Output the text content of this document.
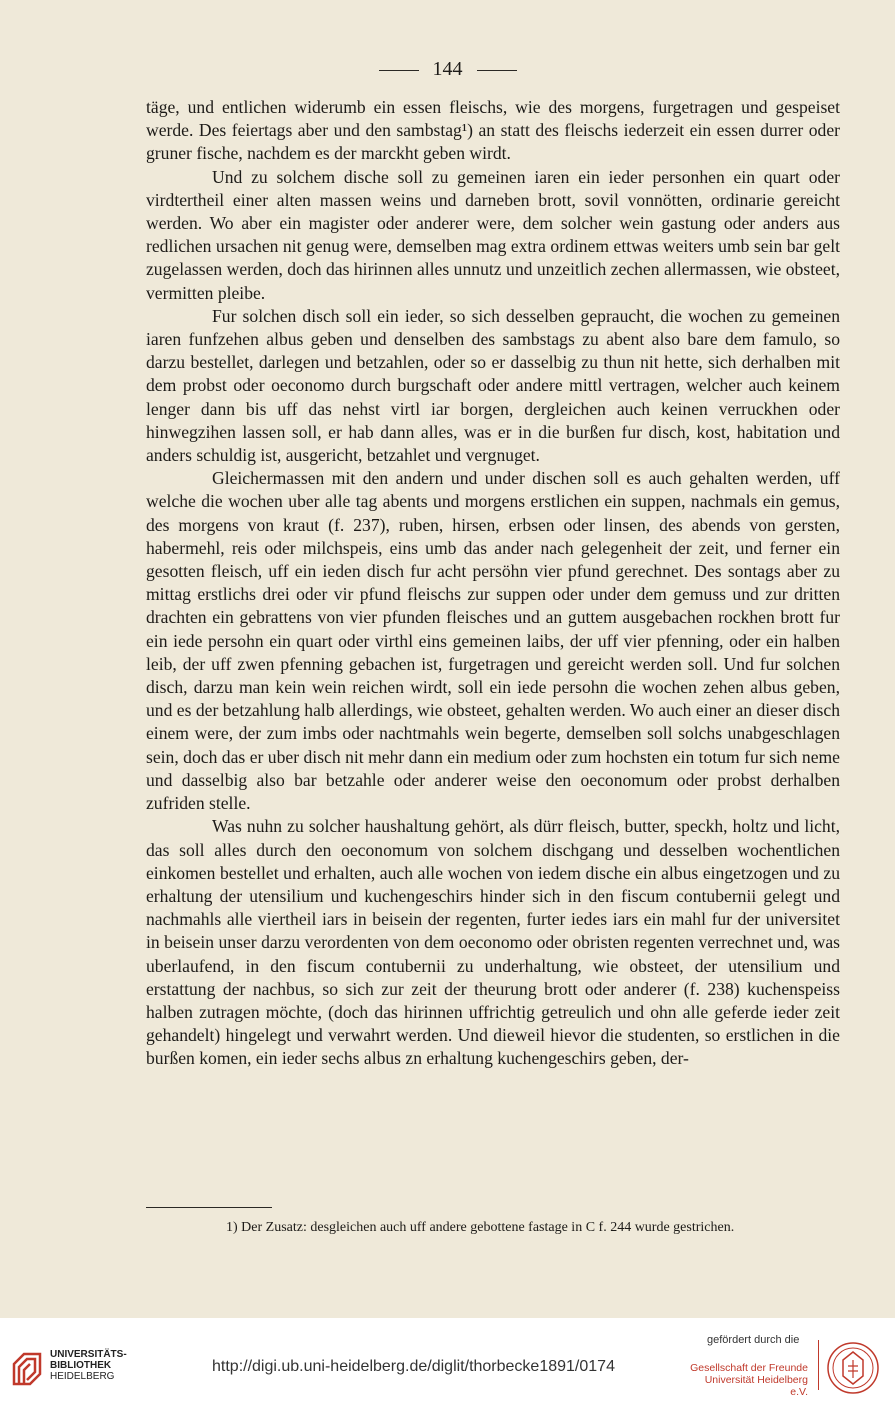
144

täge, und entlichen widerumb ein essen fleischs, wie des morgens, furgetragen und gespeiset werde. Des feiertags aber und den sambstag¹) an statt des fleischs iederzeit ein essen durrer oder gruner fische, nachdem es der marckht geben wirdt.

Und zu solchem dische soll zu gemeinen iaren ein ieder personhen ein quart oder virdtertheil einer alten massen weins und darneben brott, sovil vonnötten, ordinarie gereicht werden. Wo aber ein magister oder anderer were, dem solcher wein gastung oder anders aus redlichen ursachen nit genug were, demselben mag extra ordinem ettwas weiters umb sein bar gelt zugelassen werden, doch das hirinnen alles unnutz und unzeitlich zechen allermassen, wie obsteet, vermitten pleibe.

Fur solchen disch soll ein ieder, so sich desselben gepraucht, die wochen zu gemeinen iaren funfzehen albus geben und denselben des sambstags zu abent also bare dem famulo, so darzu bestellet, darlegen und betzahlen, oder so er dasselbig zu thun nit hette, sich derhalben mit dem probst oder oeconomo durch burgschaft oder andere mittl vertragen, welcher auch keinem lenger dann bis uff das nehst virtl iar borgen, dergleichen auch keinen verruckhen oder hinwegzihen lassen soll, er hab dann alles, was er in die burßen fur disch, kost, habitation und anders schuldig ist, ausgericht, betzahlet und vergnuget.

Gleichermassen mit den andern und under dischen soll es auch gehalten werden, uff welche die wochen uber alle tag abents und morgens erstlichen ein suppen, nachmals ein gemus, des morgens von kraut (f. 237), ruben, hirsen, erbsen oder linsen, des abends von gersten, habermehl, reis oder milchspeis, eins umb das ander nach gelegenheit der zeit, und ferner ein gesotten fleisch, uff ein ieden disch fur acht persöhn vier pfund gerechnet. Des sontags aber zu mittag erstlichs drei oder vir pfund fleischs zur suppen oder under dem gemuss und zur dritten drachten ein gebrattens von vier pfunden fleisches und an guttem ausgebachen rockhen brott fur ein iede persohn ein quart oder virthl eins gemeinen laibs, der uff vier pfenning, oder ein halben leib, der uff zwen pfenning gebachen ist, furgetragen und gereicht werden soll. Und fur solchen disch, darzu man kein wein reichen wirdt, soll ein iede persohn die wochen zehen albus geben, und es der betzahlung halb allerdings, wie obsteet, gehalten werden. Wo auch einer an dieser disch einem were, der zum imbs oder nachtmahls wein begerte, demselben soll solchs unabgeschlagen sein, doch das er uber disch nit mehr dann ein medium oder zum hochsten ein totum fur sich neme und dasselbig also bar betzahle oder anderer weise den oeconomum oder probst derhalben zufriden stelle.

Was nuhn zu solcher haushaltung gehört, als dürr fleisch, butter, speckh, holtz und licht, das soll alles durch den oeconomum von solchem dischgang und desselben wochentlichen einkomen bestellet und erhalten, auch alle wochen von iedem dische ein albus eingetzogen und zu erhaltung der utensilium und kuchengeschirs hinder sich in den fiscum contubernii gelegt und nachmahls alle viertheil iars in beisein der regenten, furter iedes iars ein mahl fur der universitet in beisein unser darzu verordenten von dem oeconomo oder obristen regenten verrechnet und, was uberlaufend, in den fiscum contubernii zu underhaltung, wie obsteet, der utensilium und erstattung der nachbus, so sich zur zeit der theurung brott oder anderer (f. 238) kuchenspeiss halben zutragen möchte, (doch das hirinnen uffrichtig getreulich und ohn alle geferde ieder zeit gehandelt) hingelegt und verwahrt werden. Und dieweil hievor die studenten, so erstlichen in die burßen komen, ein ieder sechs albus zn erhaltung kuchengeschirs geben, der-

1) Der Zusatz: desgleichen auch uff andere gebottene fastage in C f. 244 wurde gestrichen.
UNIVERSITÄTS-
BIBLIOTHEK
HEIDELBERG
http://digi.ub.uni-heidelberg.de/diglit/thorbecke1891/0174
gefördert durch die
Gesellschaft der Freunde
Universität Heidelberg e.V.
